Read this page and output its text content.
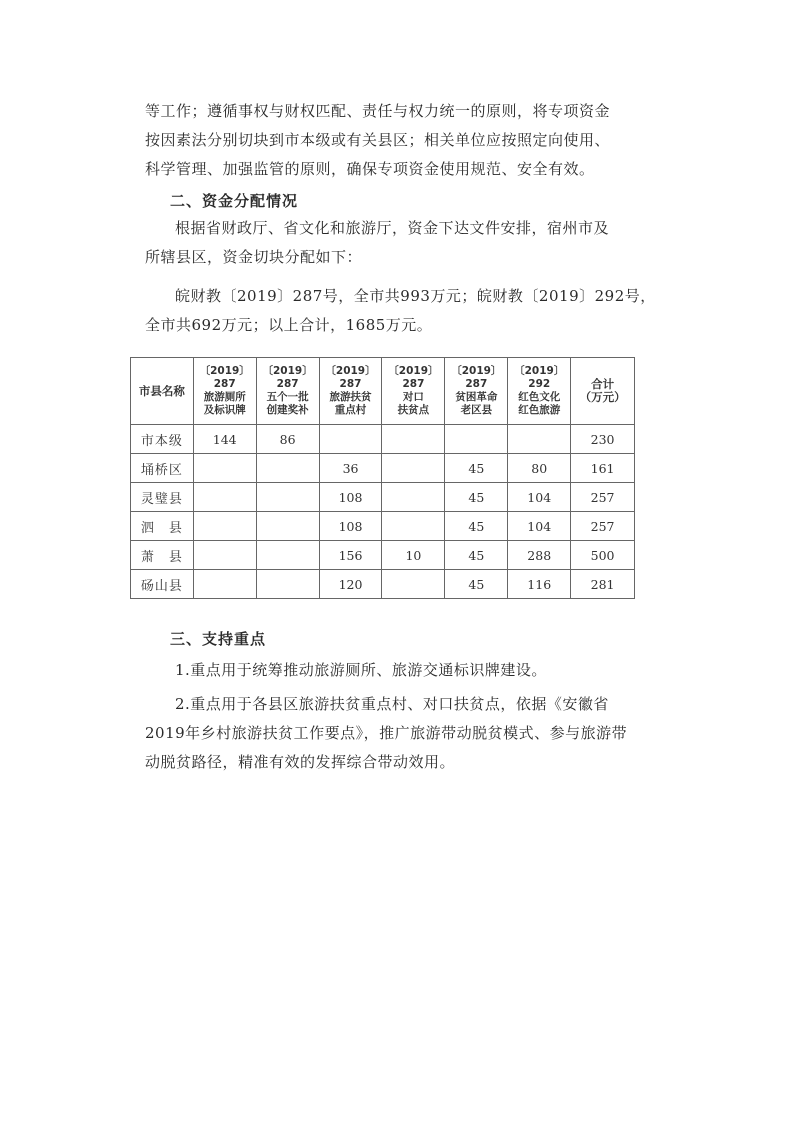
等工作；遵循事权与财权匹配、责任与权力统一的原则，将专项资金
按因素法分别切块到市本级或有关县区；相关单位应按照定向使用、
科学管理、加强监管的原则，确保专项资金使用规范、安全有效。

二、资金分配情况

根据省财政厅、省文化和旅游厅，资金下达文件安排，宿州市及
所辖县区，资金切块分配如下：

皖财教〔2019〕287号，全市共993万元；皖财教〔2019〕292号，
全市共692万元；以上合计，1685万元。

市县名称	〔2019〕
287
旅游厕所
及标识牌	〔2019〕
287
五个一批
创建奖补	〔2019〕
287
旅游扶贫
重点村	〔2019〕
287
对口
扶贫点	〔2019〕
287
贫困革命
老区县	〔2019〕
292
红色文化
红色旅游	合计
（万元）

市本级	144	86					230
埇桥区			36		45	80	161
灵璧县			108		45	104	257
泗　县			108		45	104	257
萧　县			156	10	45	288	500
砀山县			120		45	116	281
三、支持重点

1.重点用于统筹推动旅游厕所、旅游交通标识牌建设。

2.重点用于各县区旅游扶贫重点村、对口扶贫点，依据《安徽省
2019年乡村旅游扶贫工作要点》，推广旅游带动脱贫模式、参与旅游带
动脱贫路径，精准有效的发挥综合带动效用。
